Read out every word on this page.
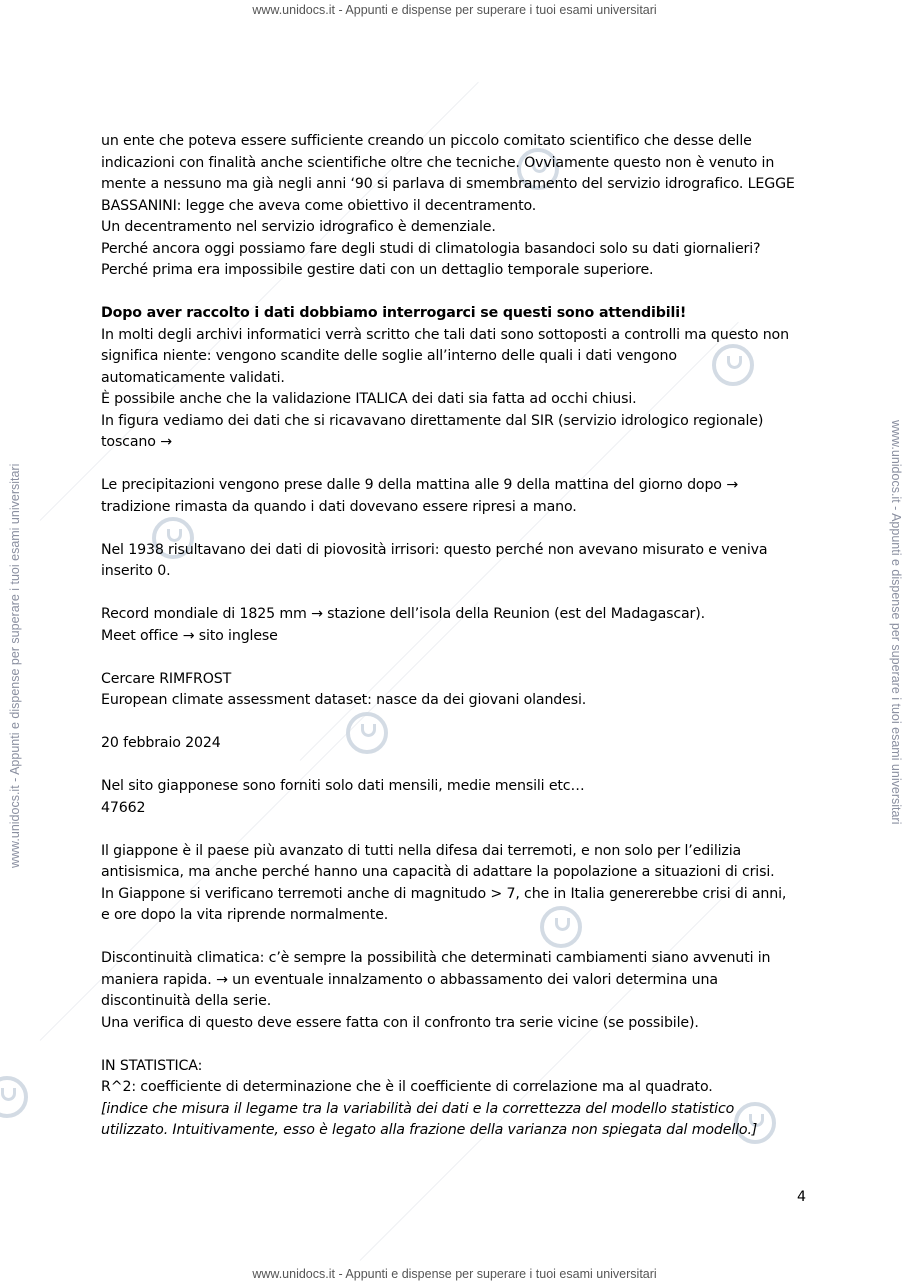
www.unidocs.it - Appunti e dispense per superare i tuoi esami universitari
www.unidocs.it - Appunti e dispense per superare i tuoi esami universitari	www.unidocs.it - Appunti e dispense per superare i tuoi esami universitari
www.unidocs.it - Appunti e dispense per superare i tuoi esami universitari

un ente che poteva essere sufficiente creando un piccolo comitato scientifico che desse delle

indicazioni con finalità anche scientifiche oltre che tecniche. Ovviamente questo non è venuto in

mente a nessuno ma già negli anni ‘90 si parlava di smembramento del servizio idrografico. LEGGE

BASSANINI: legge che aveva come obiettivo il decentramento.

Un decentramento nel servizio idrografico è demenziale.

Perché ancora oggi possiamo fare degli studi di climatologia basandoci solo su dati giornalieri?

Perché prima era impossibile gestire dati con un dettaglio temporale superiore.

Dopo aver raccolto i dati dobbiamo interrogarci se questi sono attendibili!

In molti degli archivi informatici verrà scritto che tali dati sono sottoposti a controlli ma questo non

significa niente: vengono scandite delle soglie all’interno delle quali i dati vengono

automaticamente validati.

È possibile anche che la validazione ITALICA dei dati sia fatta ad occhi chiusi.

In figura vediamo dei dati che si ricavavano direttamente dal SIR (servizio idrologico regionale)

toscano →

Le precipitazioni vengono prese dalle 9 della mattina alle 9 della mattina del giorno dopo →

tradizione rimasta da quando i dati dovevano essere ripresi a mano.

Nel 1938 risultavano dei dati di piovosità irrisori: questo perché non avevano misurato e veniva

inserito 0.

Record mondiale di 1825 mm → stazione dell’isola della Reunion (est del Madagascar).

Meet office → sito inglese

Cercare RIMFROST

European climate assessment dataset: nasce da dei giovani olandesi.

20 febbraio 2024

Nel sito giapponese sono forniti solo dati mensili, medie mensili etc…

47662

Il giappone è il paese più avanzato di tutti nella difesa dai terremoti, e non solo per l’edilizia

antisismica, ma anche perché hanno una capacità di adattare la popolazione a situazioni di crisi.

In Giappone si verificano terremoti anche di magnitudo > 7, che in Italia genererebbe crisi di anni,

e ore dopo la vita riprende normalmente.

Discontinuità climatica: c’è sempre la possibilità che determinati cambiamenti siano avvenuti in

maniera rapida. → un eventuale innalzamento o abbassamento dei valori determina una

discontinuità della serie.

Una verifica di questo deve essere fatta con il confronto tra serie vicine (se possibile).

IN STATISTICA:

R^2: coefficiente di determinazione che è il coefficiente di correlazione ma al quadrato.

[indice che misura il legame tra la variabilità dei dati e la correttezza del modello statistico

utilizzato. Intuitivamente, esso è legato alla frazione della varianza non spiegata dal modello.]

4
